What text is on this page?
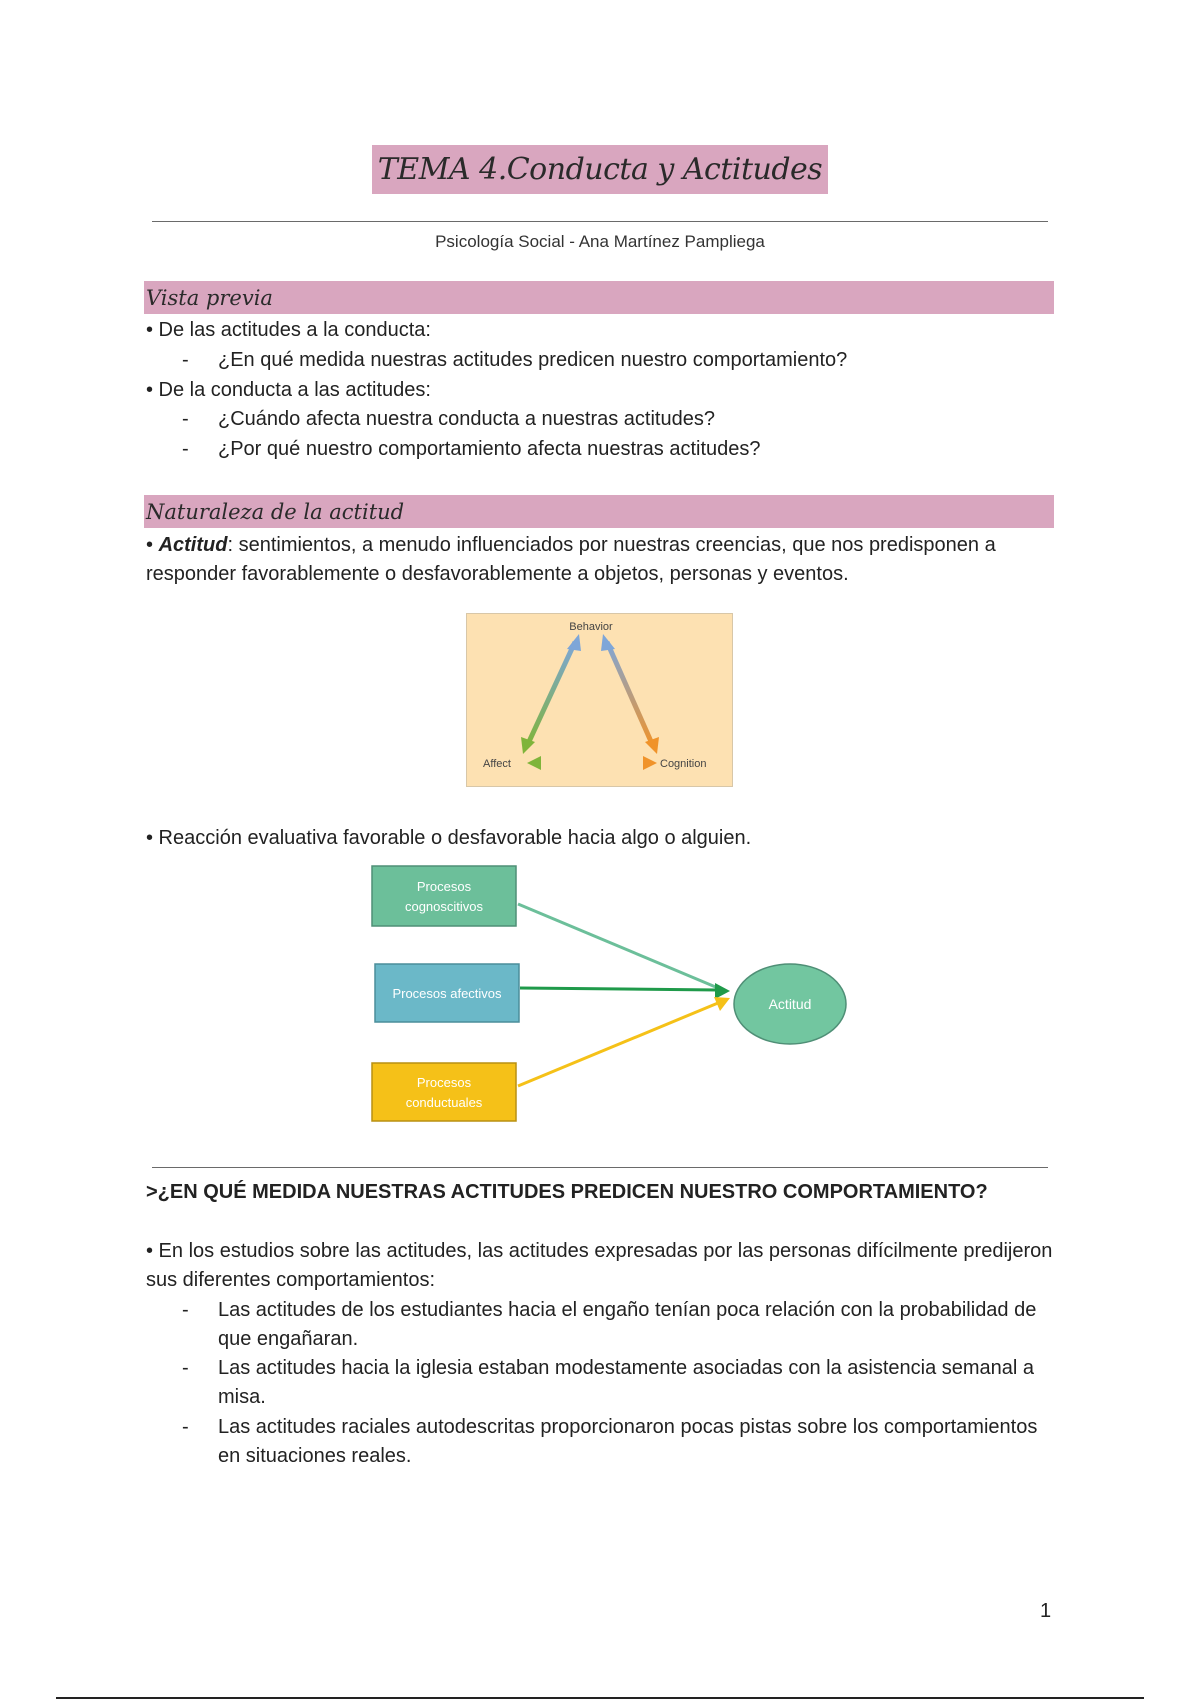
TEMA 4.Conducta y Actitudes
Psicología Social - Ana Martínez Pampliega
Vista previa
• De las actitudes a la conducta:
- ¿En qué medida nuestras actitudes predicen nuestro comportamiento?
• De la conducta a las actitudes:
- ¿Cuándo afecta nuestra conducta a nuestras actitudes?
- ¿Por qué nuestro comportamiento afecta nuestras actitudes?
Naturaleza de la actitud
• Actitud: sentimientos, a menudo influenciados por nuestras creencias, que nos predisponen a responder favorablemente o desfavorablemente a objetos, personas y eventos.
Behavior
Affect	Cognition
• Reacción evaluativa favorable o desfavorable hacia algo o alguien.
Procesos
cognoscitivos
Procesos afectivos
Procesos
conductuales
Actitud
>¿EN QUÉ MEDIDA NUESTRAS ACTITUDES PREDICEN NUESTRO COMPORTAMIENTO?
• En los estudios sobre las actitudes, las actitudes expresadas por las personas difícilmente predijeron sus diferentes comportamientos:
- Las actitudes de los estudiantes hacia el engaño tenían poca relación con la probabilidad de que engañaran.
- Las actitudes hacia la iglesia estaban modestamente asociadas con la asistencia semanal a misa.
- Las actitudes raciales autodescritas proporcionaron pocas pistas sobre los comportamientos en situaciones reales.
1
